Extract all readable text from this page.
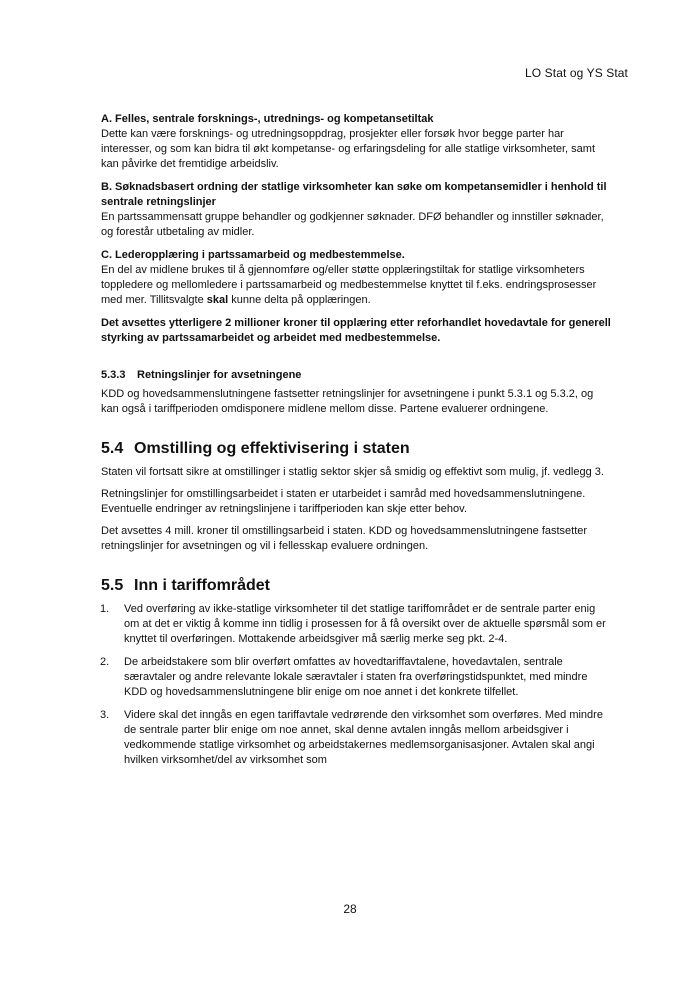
LO Stat og YS Stat

A. Felles, sentrale forsknings-, utrednings- og kompetansetiltak

Dette kan være forsknings- og utredningsoppdrag, prosjekter eller forsøk hvor begge parter har interesser, og som kan bidra til økt kompetanse- og erfaringsdeling for alle statlige virksomheter, samt kan påvirke det fremtidige arbeidsliv.

B. Søknadsbasert ordning der statlige virksomheter kan søke om kompetansemidler i henhold til sentrale retningslinjer

En partssammensatt gruppe behandler og godkjenner søknader. DFØ behandler og innstiller søknader, og forestår utbetaling av midler.

C. Lederopplæring i partssamarbeid og medbestemmelse.

En del av midlene brukes til å gjennomføre og/eller støtte opplæringstiltak for statlige virksomheters toppledere og mellomledere i partssamarbeid og medbestemmelse knyttet til f.eks. endringsprosesser med mer. Tillitsvalgte skal kunne delta på opplæringen.

Det avsettes ytterligere 2 millioner kroner til opplæring etter reforhandlet hovedavtale for generell styrking av partssamarbeidet og arbeidet med medbestemmelse.

5.3.3	Retningslinjer for avsetningene

KDD og hovedsammenslutningene fastsetter retningslinjer for avsetningene i punkt 5.3.1 og 5.3.2, og kan også i tariffperioden omdisponere midlene mellom disse. Partene evaluerer ordningene.

5.4 Omstilling og effektivisering i staten

Staten vil fortsatt sikre at omstillinger i statlig sektor skjer så smidig og effektivt som mulig, jf. vedlegg 3.

Retningslinjer for omstillingsarbeidet i staten er utarbeidet i samråd med hovedsammenslutningene. Eventuelle endringer av retningslinjene i tariffperioden kan skje etter behov.

Det avsettes 4 mill. kroner til omstillingsarbeid i staten. KDD og hovedsammenslutningene fastsetter retningslinjer for avsetningen og vil i fellesskap evaluere ordningen.

5.5 Inn i tariffområdet
1.	Ved overføring av ikke-statlige virksomheter til det statlige tariffområdet er de sentrale parter enig om at det er viktig å komme inn tidlig i prosessen for å få oversikt over de aktuelle spørsmål som er knyttet til overføringen. Mottakende arbeidsgiver må særlig merke seg pkt. 2-4.
2.	De arbeidstakere som blir overført omfattes av hovedtariffavtalene, hovedavtalen, sentrale særavtaler og andre relevante lokale særavtaler i staten fra overføringstidspunktet, med mindre KDD og hovedsammenslutningene blir enige om noe annet i det konkrete tilfellet.
3.	Videre skal det inngås en egen tariffavtale vedrørende den virksomhet som overføres. Med mindre de sentrale parter blir enige om noe annet, skal denne avtalen inngås mellom arbeidsgiver i vedkommende statlige virksomhet og arbeidstakernes medlemsorganisasjoner. Avtalen skal angi hvilken virksomhet/del av virksomhet som
28
